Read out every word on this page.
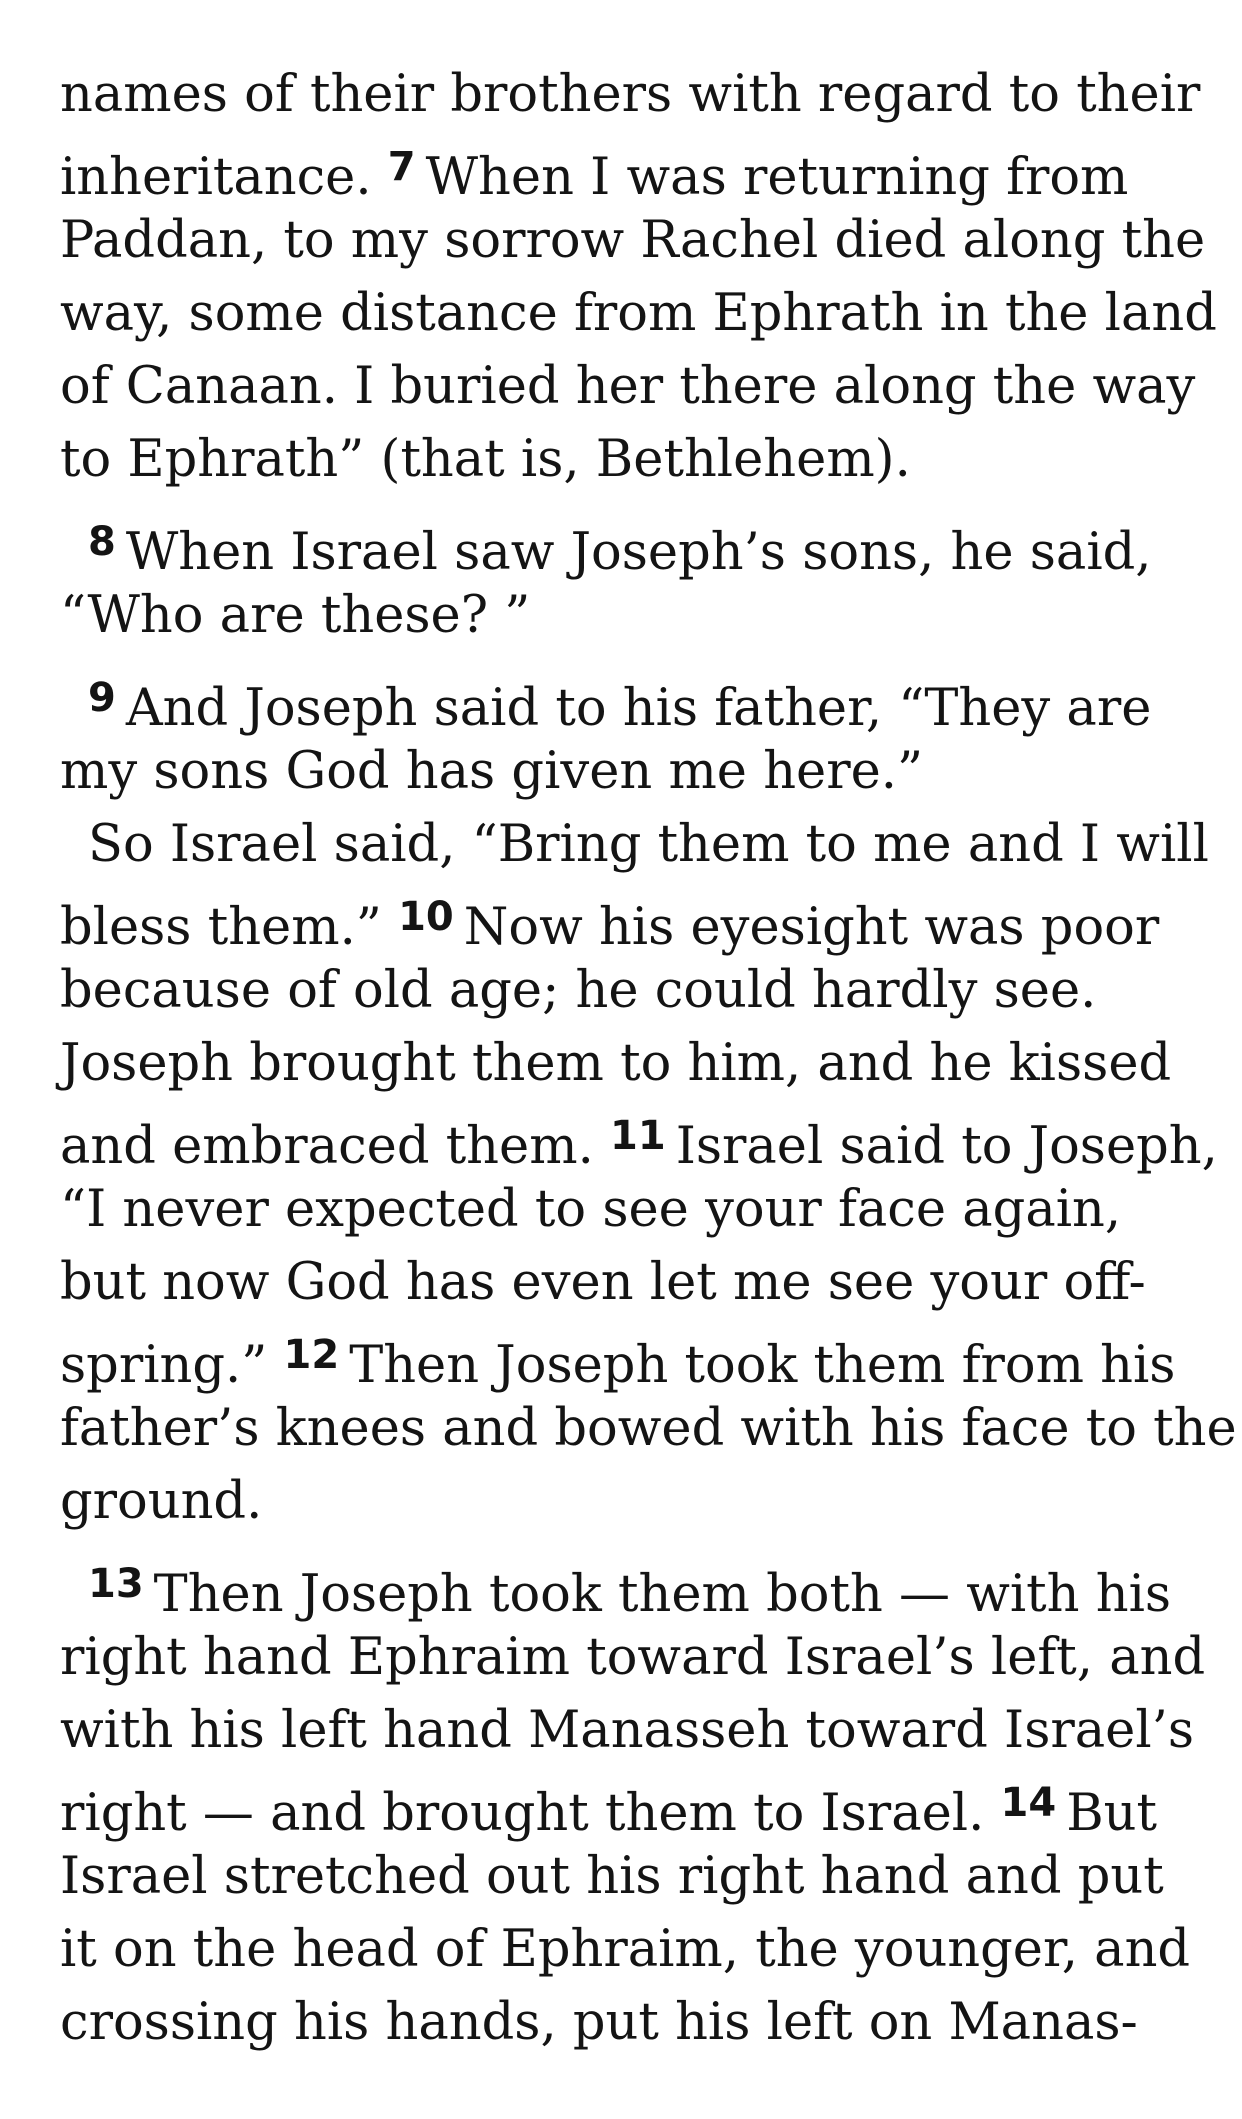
names of their brothers with regard to their
inheritance. $^7$ When I was returning from
Paddan, to my sorrow Rachel died along the
way, some distance from Ephrath in the land
of Canaan. I buried her there along the way
to Ephrath” (that is, Bethlehem).
$^8$ When Israel saw Joseph’s sons, he said,
“Who are these? ”
$^9$ And Joseph said to his father, “They are
my sons God has given me here.”
So Israel said, “Bring them to me and I will
bless them.” $^{10}$ Now his eyesight was poor
because of old age; he could hardly see.
Joseph brought them to him, and he kissed
and embraced them. $^{11}$ Israel said to Joseph,
“I never expected to see your face again,
but now God has even let me see your off-
spring.” $^{12}$ Then Joseph took them from his
father’s knees and bowed with his face to the
ground.
$^{13}$ Then Joseph took them both — with his
right hand Ephraim toward Israel’s left, and
with his left hand Manasseh toward Israel’s
right — and brought them to Israel. $^{14}$ But
Israel stretched out his right hand and put
it on the head of Ephraim, the younger, and
crossing his hands, put his left on Manas-
